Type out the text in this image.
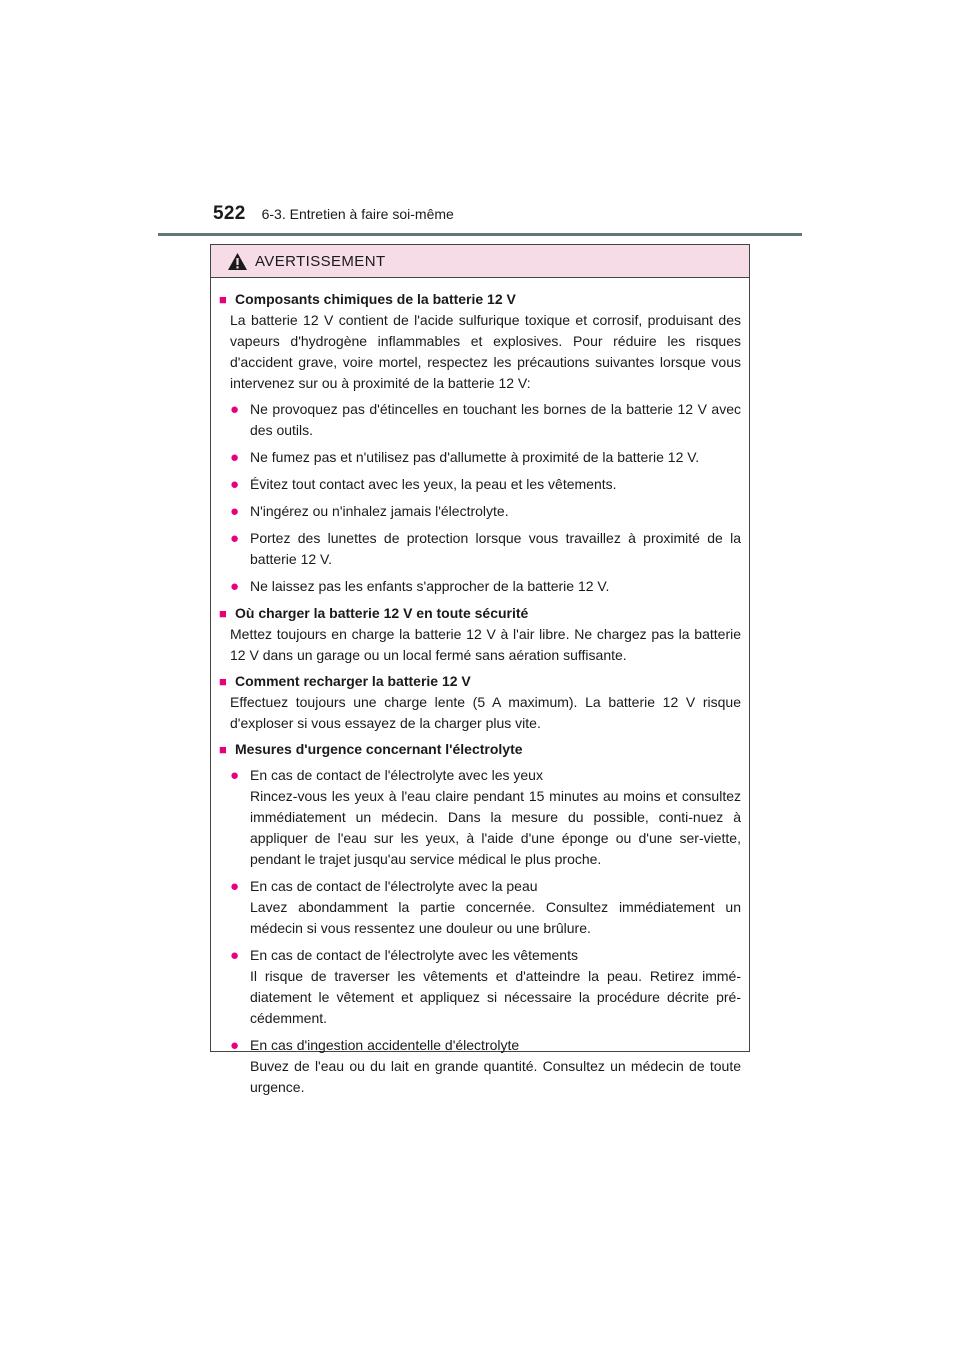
522 6-3. Entretien à faire soi-même
AVERTISSEMENT
■ Composants chimiques de la batterie 12 V
La batterie 12 V contient de l'acide sulfurique toxique et corrosif, produisant des vapeurs d'hydrogène inflammables et explosives. Pour réduire les risques d'accident grave, voire mortel, respectez les précautions suivantes lorsque vous intervenez sur ou à proximité de la batterie 12 V:
● Ne provoquez pas d'étincelles en touchant les bornes de la batterie 12 V avec des outils.
● Ne fumez pas et n'utilisez pas d'allumette à proximité de la batterie 12 V.
● Évitez tout contact avec les yeux, la peau et les vêtements.
● N'ingérez ou n'inhalez jamais l'électrolyte.
● Portez des lunettes de protection lorsque vous travaillez à proximité de la batterie 12 V.
● Ne laissez pas les enfants s'approcher de la batterie 12 V.
■ Où charger la batterie 12 V en toute sécurité
Mettez toujours en charge la batterie 12 V à l'air libre. Ne chargez pas la batterie 12 V dans un garage ou un local fermé sans aération suffisante.
■ Comment recharger la batterie 12 V
Effectuez toujours une charge lente (5 A maximum). La batterie 12 V risque d'exploser si vous essayez de la charger plus vite.
■ Mesures d'urgence concernant l'électrolyte
● En cas de contact de l'électrolyte avec les yeux
Rincez-vous les yeux à l'eau claire pendant 15 minutes au moins et consultez immédiatement un médecin. Dans la mesure du possible, conti-nuez à appliquer de l'eau sur les yeux, à l'aide d'une éponge ou d'une ser-viette, pendant le trajet jusqu'au service médical le plus proche.
● En cas de contact de l'électrolyte avec la peau
Lavez abondamment la partie concernée. Consultez immédiatement un médecin si vous ressentez une douleur ou une brûlure.
● En cas de contact de l'électrolyte avec les vêtements
Il risque de traverser les vêtements et d'atteindre la peau. Retirez immé-diatement le vêtement et appliquez si nécessaire la procédure décrite pré-cédemment.
● En cas d'ingestion accidentelle d'électrolyte
Buvez de l'eau ou du lait en grande quantité. Consultez un médecin de toute urgence.
